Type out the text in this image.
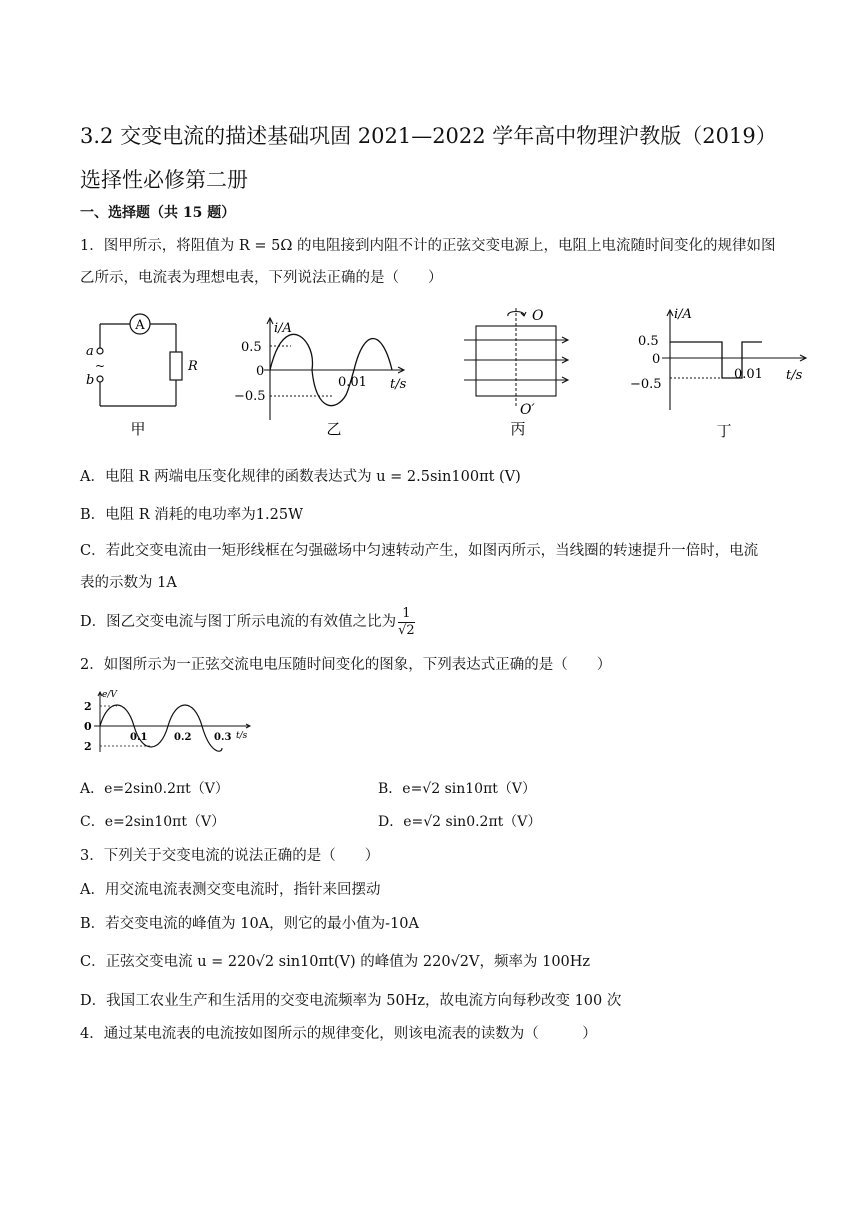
3.2 交变电流的描述基础巩固 2021—2022 学年高中物理沪教版（2019）
选择性必修第二册
一、选择题（共 15 题）
1．图甲所示，将阻值为 R = 5Ω 的电阻接到内阻不计的正弦交变电源上，电阻上电流随时间变化的规律如图
乙所示，电流表为理想电表，下列说法正确的是（　　）
A
a
b
~	R
甲
i/A
0.5
0
−0.5
0.01 t/s
乙
O
O′
丙
i/A
0.5
0
−0.5
0.01 t/s
丁
A．电阻 R 两端电压变化规律的函数表达式为 u = 2.5sin100πt (V)
B．电阻 R 消耗的电功率为1.25W
C．若此交变电流由一矩形线框在匀强磁场中匀速转动产生，如图丙所示，当线圈的转速提升一倍时，电流
表的示数为 1A
D．图乙交变电流与图丁所示电流的有效值之比为 $\frac{1}{√2}$
2．如图所示为一正弦交流电电压随时间变化的图象，下列表达式正确的是（　　）
e/V
2
0
2
0.1	0.2 0.3 t/s
A．e=2sin0.2πt（V）	B．e=√2 sin10πt（V）
C．e=2sin10πt（V）	D．e=√2 sin0.2πt（V）
3．下列关于交变电流的说法正确的是（　　）
A．用交流电流表测交变电流时，指针来回摆动
B．若交变电流的峰值为 10A，则它的最小值为-10A
C．正弦交变电流 u = 220√2 sin10πt(V) 的峰值为 220√2V，频率为 100Hz
D．我国工农业生产和生活用的交变电流频率为 50Hz，故电流方向每秒改变 100 次
4．通过某电流表的电流按如图所示的规律变化，则该电流表的读数为（　　　）
